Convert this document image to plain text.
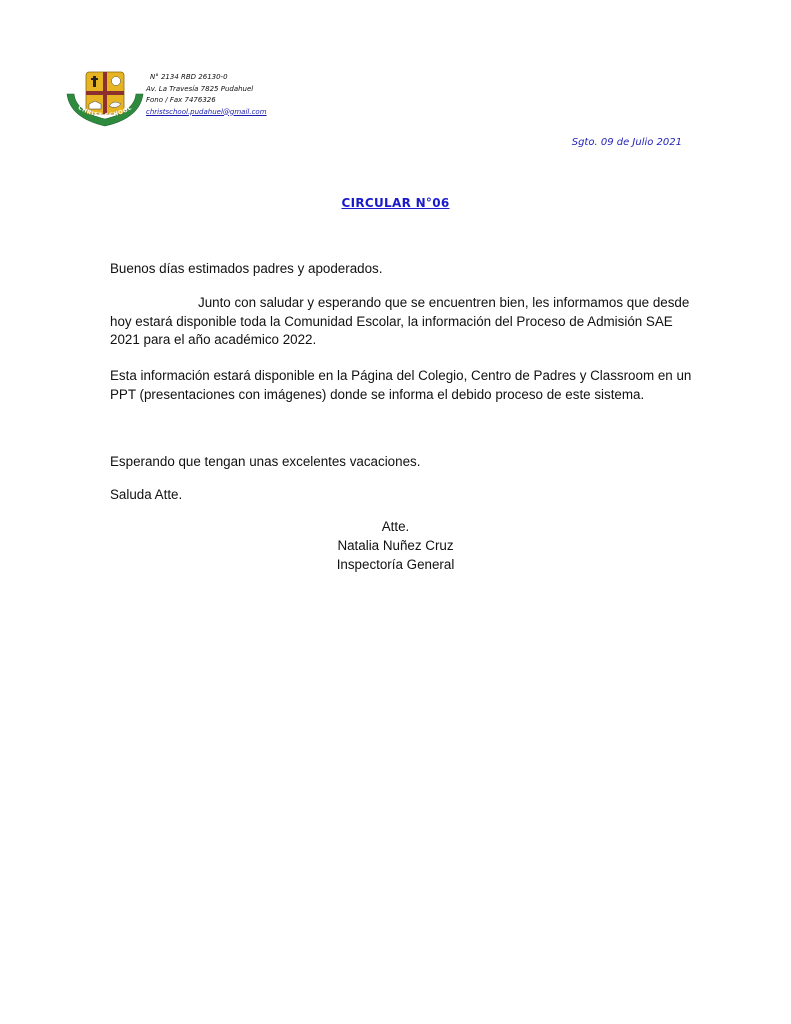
CHRIST SCHOOL
N° 2134 RBD 26130-0
Av. La Travesía 7825 Pudahuel
Fono / Fax 7476326
christschool.pudahuel@gmail.com
Sgto. 09 de Julio 2021
CIRCULAR N°06
Buenos días estimados padres y apoderados.
Junto con saludar y esperando que se encuentren bien, les informamos que desde
hoy estará disponible toda la Comunidad Escolar, la información del Proceso de Admisión SAE
2021 para el año académico 2022.
Esta información estará disponible en la Página del Colegio, Centro de Padres y Classroom en un
PPT (presentaciones con imágenes) donde se informa el debido proceso de este sistema.
Esperando que tengan unas excelentes vacaciones.
Saluda Atte.
Atte.
Natalia Nuñez Cruz
Inspectoría General
